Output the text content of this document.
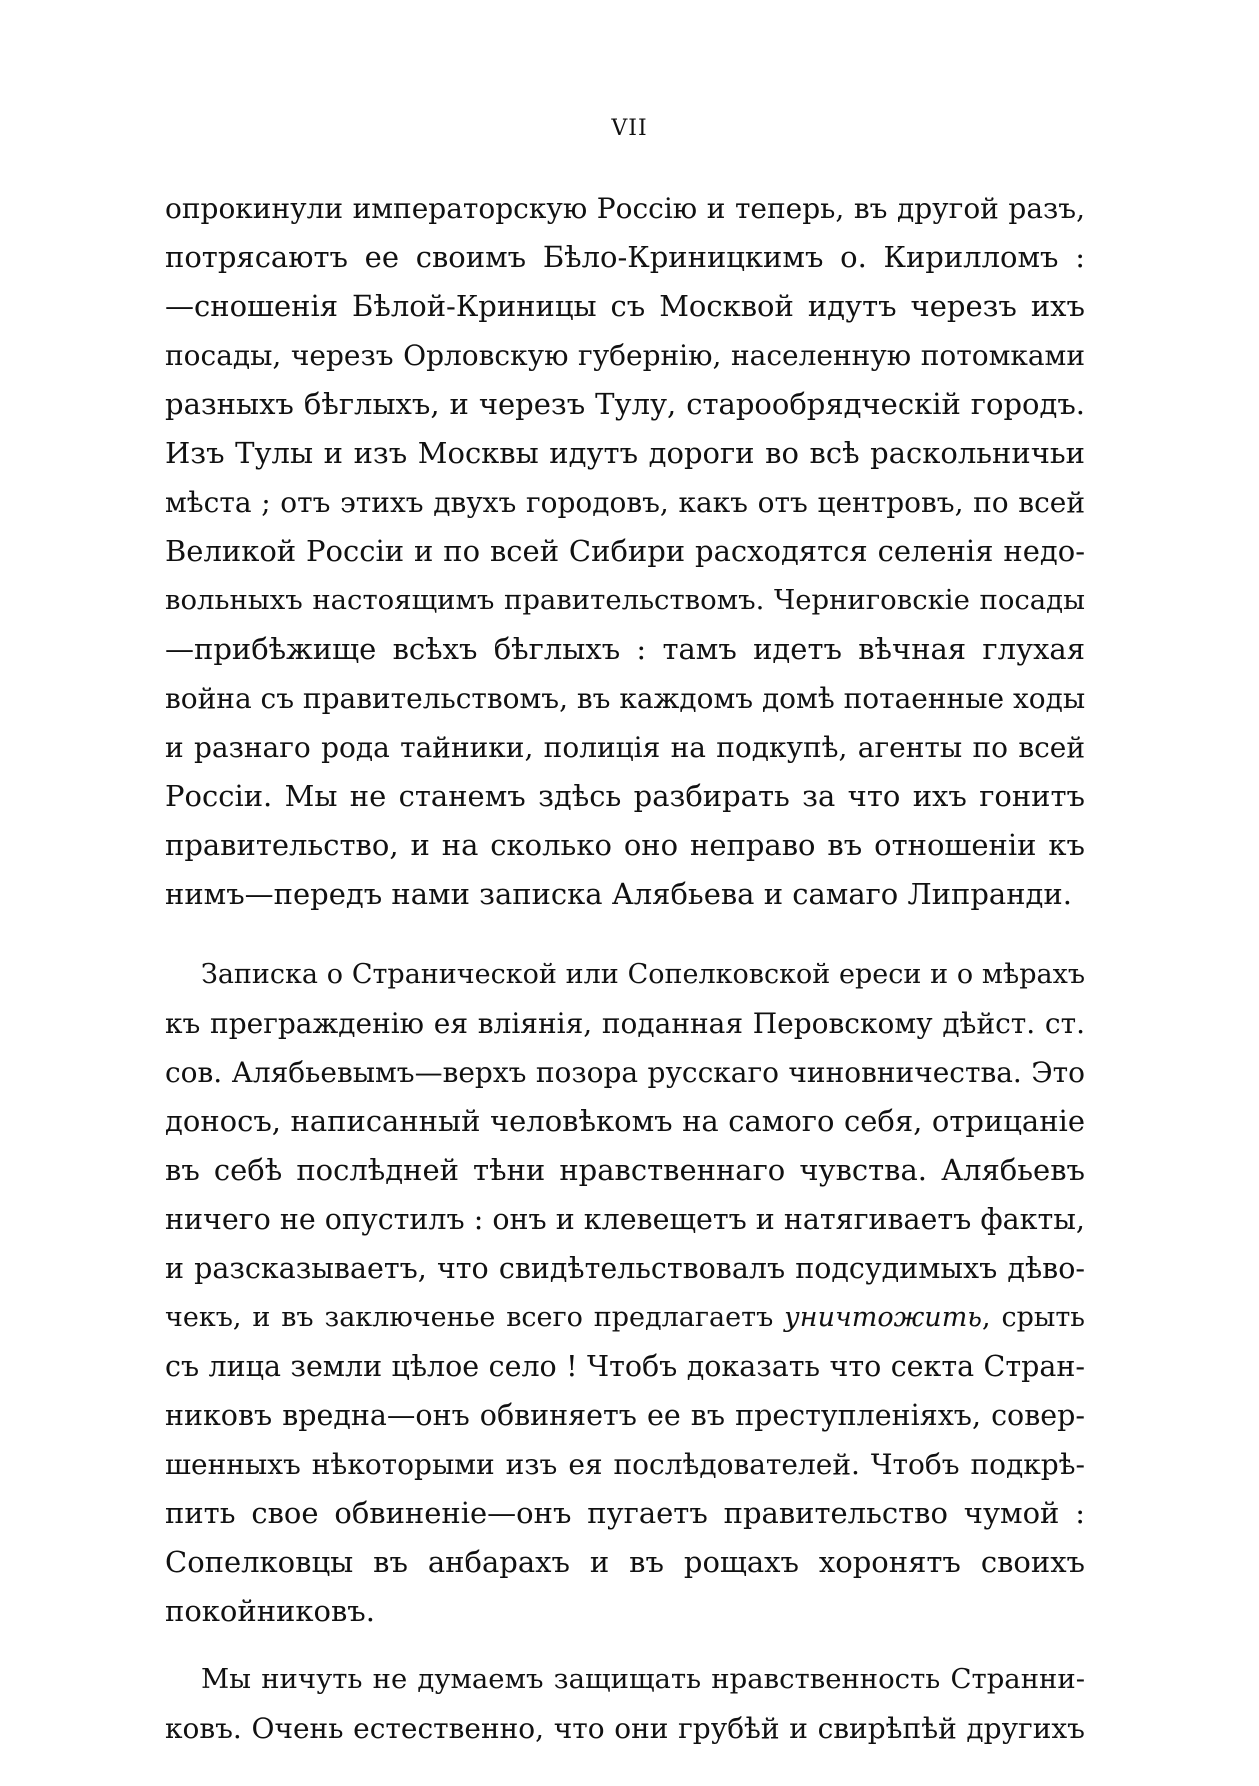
VII
опрокинули императорскую Россію и теперь, въ другой разъ,
потрясаютъ ее своимъ Бѣло-Криницкимъ о. Кирилломъ :
—сношенія Бѣлой-Криницы съ Москвой идутъ черезъ ихъ
посады, черезъ Орловскую губернію, населенную потомками
разныхъ бѣглыхъ, и черезъ Тулу, старообрядческій городъ.
Изъ Тулы и изъ Москвы идутъ дороги во всѣ раскольничьи
мѣста ; отъ этихъ двухъ городовъ, какъ отъ центровъ, по всей
Великой Россіи и по всей Сибири расходятся селенія недо-
вольныхъ настоящимъ правительствомъ. Черниговскіе посады
—прибѣжище всѣхъ бѣглыхъ : тамъ идетъ вѣчная глухая
война съ правительствомъ, въ каждомъ домѣ потаенные ходы
и разнаго рода тайники, полиція на подкупѣ, агенты по всей
Россіи. Мы не станемъ здѣсь разбирать за что ихъ гонитъ
правительство, и на сколько оно неправо въ отношеніи къ
нимъ—передъ нами записка Алябьева и самаго Липранди.
Записка о Странической или Сопелковской ереси и о мѣрахъ
къ прегражденію ея вліянія, поданная Перовскому дѣйст. ст.
сов. Алябьевымъ—верхъ позора русскаго чиновничества. Это
доносъ, написанный человѣкомъ на самого себя, отрицаніе
въ себѣ послѣдней тѣни нравственнаго чувства. Алябьевъ
ничего не опустилъ : онъ и клевещетъ и натягиваетъ факты,
и разсказываетъ, что свидѣтельствовалъ подсудимыхъ дѣво-
чекъ, и въ заключенье всего предлагаетъ уничтожить, срыть
съ лица земли цѣлое село ! Чтобъ доказать что секта Стран-
никовъ вредна—онъ обвиняетъ ее въ преступленіяхъ, совер-
шенныхъ нѣкоторыми изъ ея послѣдователей. Чтобъ подкрѣ-
пить свое обвиненіе—онъ пугаетъ правительство чумой :
Сопелковцы въ анбарахъ и въ рощахъ хоронятъ своихъ
покойниковъ.
Мы ничуть не думаемъ защищать нравственность Странни-
ковъ. Очень естественно, что они грубѣй и свирѣпѣй другихъ
